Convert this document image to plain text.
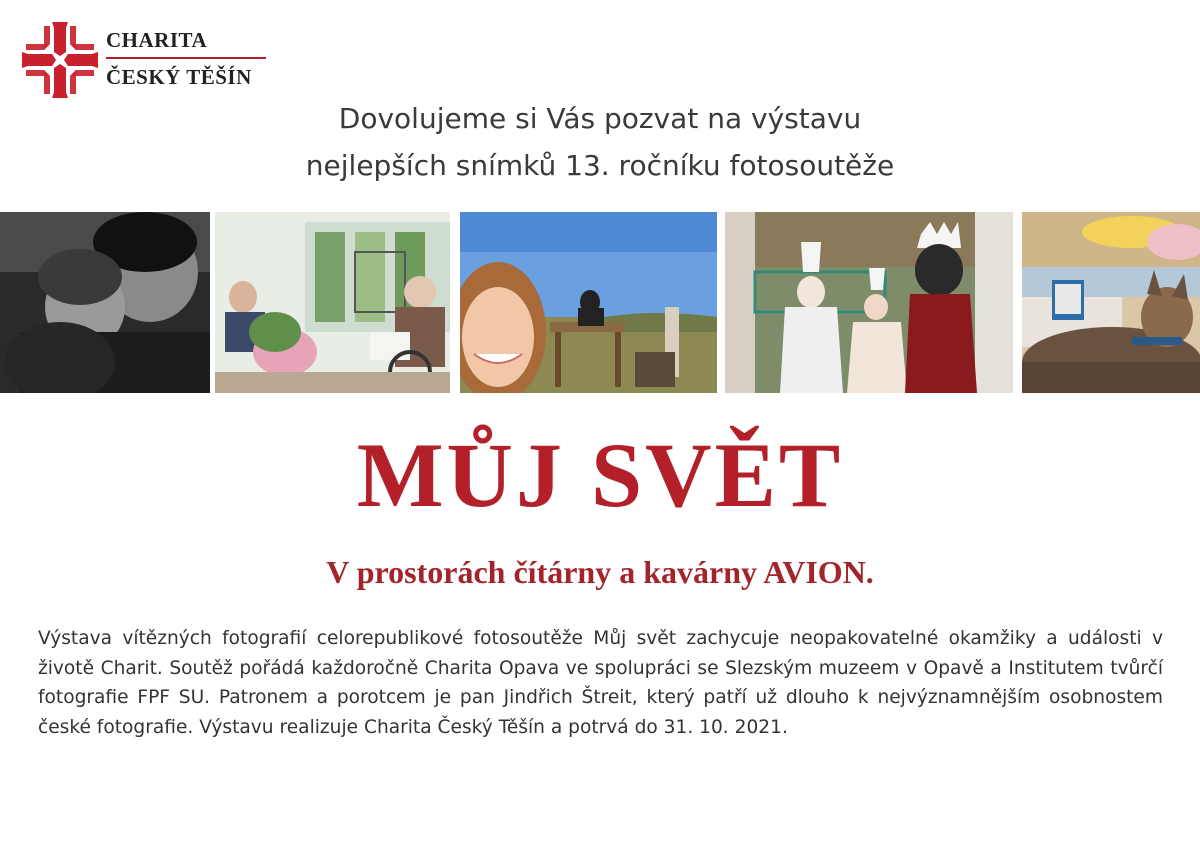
CHARITA
ČESKÝ TĚŠÍN
Dovolujeme si Vás pozvat na výstavu
nejlepších snímků 13. ročníku fotosoutěže
MŮJ SVĚT
V prostorách čítárny a kavárny AVION.
Výstava vítězných fotografií celorepublikové fotosoutěže Můj svět zachycuje neopakovatelné okamžiky a události v životě Charit. Soutěž pořádá každoročně Charita Opava ve spolupráci se Slezským muzeem v Opavě a Institutem tvůrčí fotografie FPF SU. Patronem a porotcem je pan Jindřich Štreit, který patří už dlouho k nejvýznamnějším osobnostem české fotografie. Výstavu realizuje Charita Český Těšín a potrvá do 31. 10. 2021.
